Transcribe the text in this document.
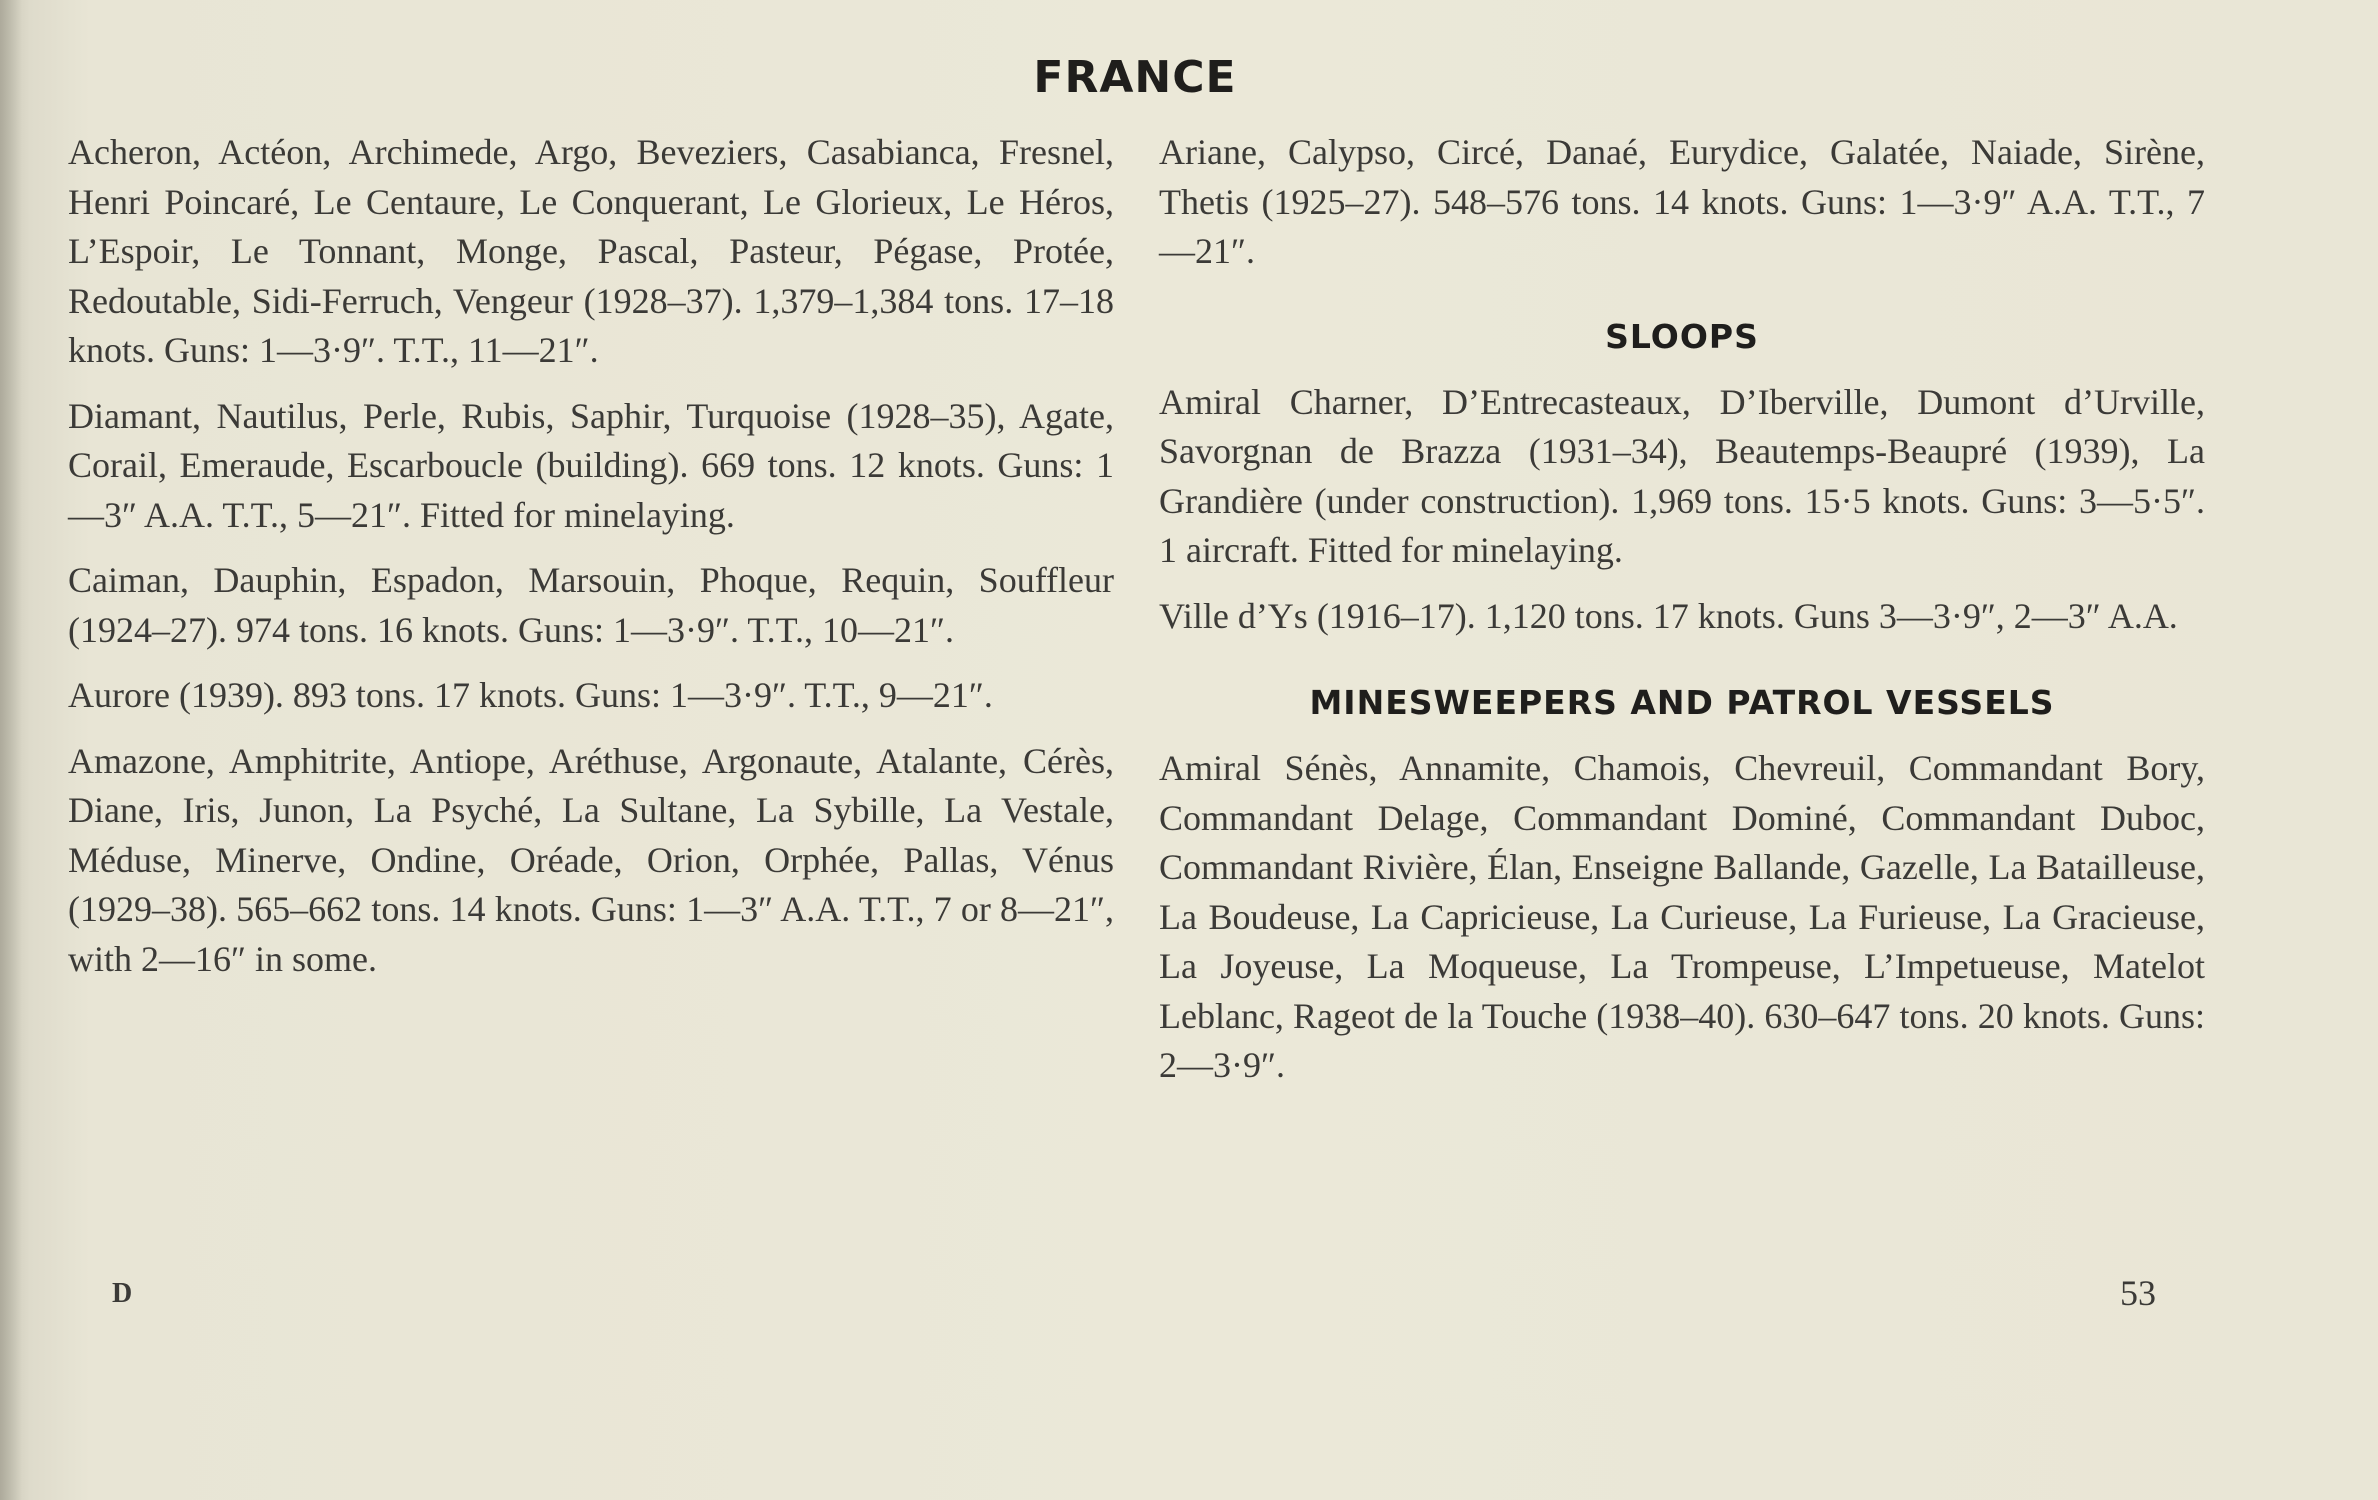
FRANCE

Acheron, Actéon, Archimede, Argo, Beveziers, Casabianca, Fresnel, Henri Poincaré, Le Centaure, Le Conquerant, Le Glorieux, Le Héros, L’Espoir, Le Tonnant, Monge, Pascal, Pasteur, Pégase, Protée, Redoutable, Sidi-Ferruch, Vengeur (1928–37). 1,379–1,384 tons. 17–18 knots. Guns: 1—3·9″. T.T., 11—21″.

Diamant, Nautilus, Perle, Rubis, Saphir, Turquoise (1928–35), Agate, Corail, Emeraude, Escarboucle (building). 669 tons. 12 knots. Guns: 1—3″ A.A. T.T., 5—21″. Fitted for minelaying.

Caiman, Dauphin, Espadon, Marsouin, Phoque, Requin, Souffleur (1924–27). 974 tons. 16 knots. Guns: 1—3·9″. T.T., 10—21″.

Aurore (1939). 893 tons. 17 knots. Guns: 1—3·9″. T.T., 9—21″.

Amazone, Amphitrite, Antiope, Aréthuse, Argonaute, Atalante, Cérès, Diane, Iris, Junon, La Psyché, La Sultane, La Sybille, La Vestale, Méduse, Minerve, Ondine, Oréade, Orion, Orphée, Pallas, Vénus (1929–38). 565–662 tons. 14 knots. Guns: 1—3″ A.A. T.T., 7 or 8—21″, with 2—16″ in some.

Ariane, Calypso, Circé, Danaé, Eurydice, Galatée, Naiade, Sirène, Thetis (1925–27). 548–576 tons. 14 knots. Guns: 1—3·9″ A.A. T.T., 7—21″.

SLOOPS

Amiral Charner, D’Entrecasteaux, D’Iberville, Dumont d’Urville, Savorgnan de Brazza (1931–34), Beautemps-Beaupré (1939), La Grandière (under construction). 1,969 tons. 15·5 knots. Guns: 3—5·5″. 1 aircraft. Fitted for minelaying.

Ville d’Ys (1916–17). 1,120 tons. 17 knots. Guns 3—3·9″, 2—3″ A.A.

MINESWEEPERS AND PATROL VESSELS

Amiral Sénès, Annamite, Chamois, Chevreuil, Commandant Bory, Commandant Delage, Commandant Dominé, Commandant Duboc, Commandant Rivière, Élan, Enseigne Ballande, Gazelle, La Batailleuse, La Boudeuse, La Capricieuse, La Curieuse, La Furieuse, La Gracieuse, La Joyeuse, La Moqueuse, La Trompeuse, L’Impetueuse, Matelot Leblanc, Rageot de la Touche (1938–40). 630–647 tons. 20 knots. Guns: 2—3·9″.

D	53
